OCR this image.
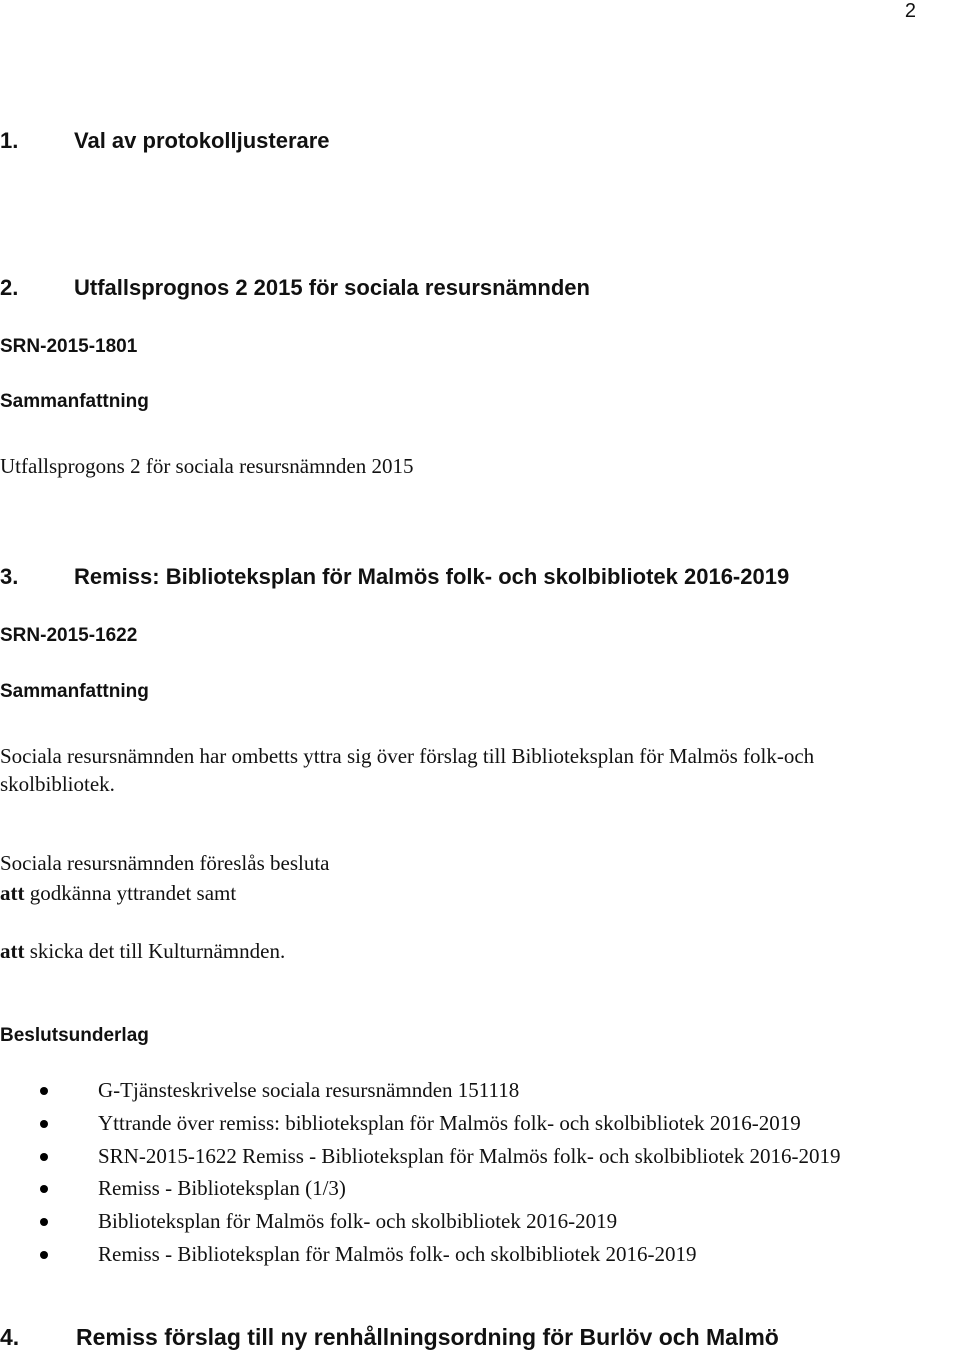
2
1.	Val av protokolljusterare
2.	Utfallsprognos 2 2015 för sociala resursnämnden
SRN-2015-1801
Sammanfattning
Utfallsprogons 2 för sociala resursnämnden 2015
3.	Remiss: Biblioteksplan för Malmös folk- och skolbibliotek 2016-2019
SRN-2015-1622
Sammanfattning
Sociala resursnämnden har ombetts yttra sig över förslag till Biblioteksplan för Malmös folk-och skolbibliotek.
Sociala resursnämnden föreslås besluta
att godkänna yttrandet samt
att skicka det till Kulturnämnden.
Beslutsunderlag
G-Tjänsteskrivelse sociala resursnämnden 151118
Yttrande över remiss: biblioteksplan för Malmös folk- och skolbibliotek 2016-2019
SRN-2015-1622 Remiss - Biblioteksplan för Malmös folk- och skolbibliotek 2016-2019
Remiss - Biblioteksplan (1/3)
Biblioteksplan för Malmös folk- och skolbibliotek 2016-2019
Remiss - Biblioteksplan för Malmös folk- och skolbibliotek 2016-2019
4. Remiss förslag till ny renhållningsordning för Burlöv och Malmö
